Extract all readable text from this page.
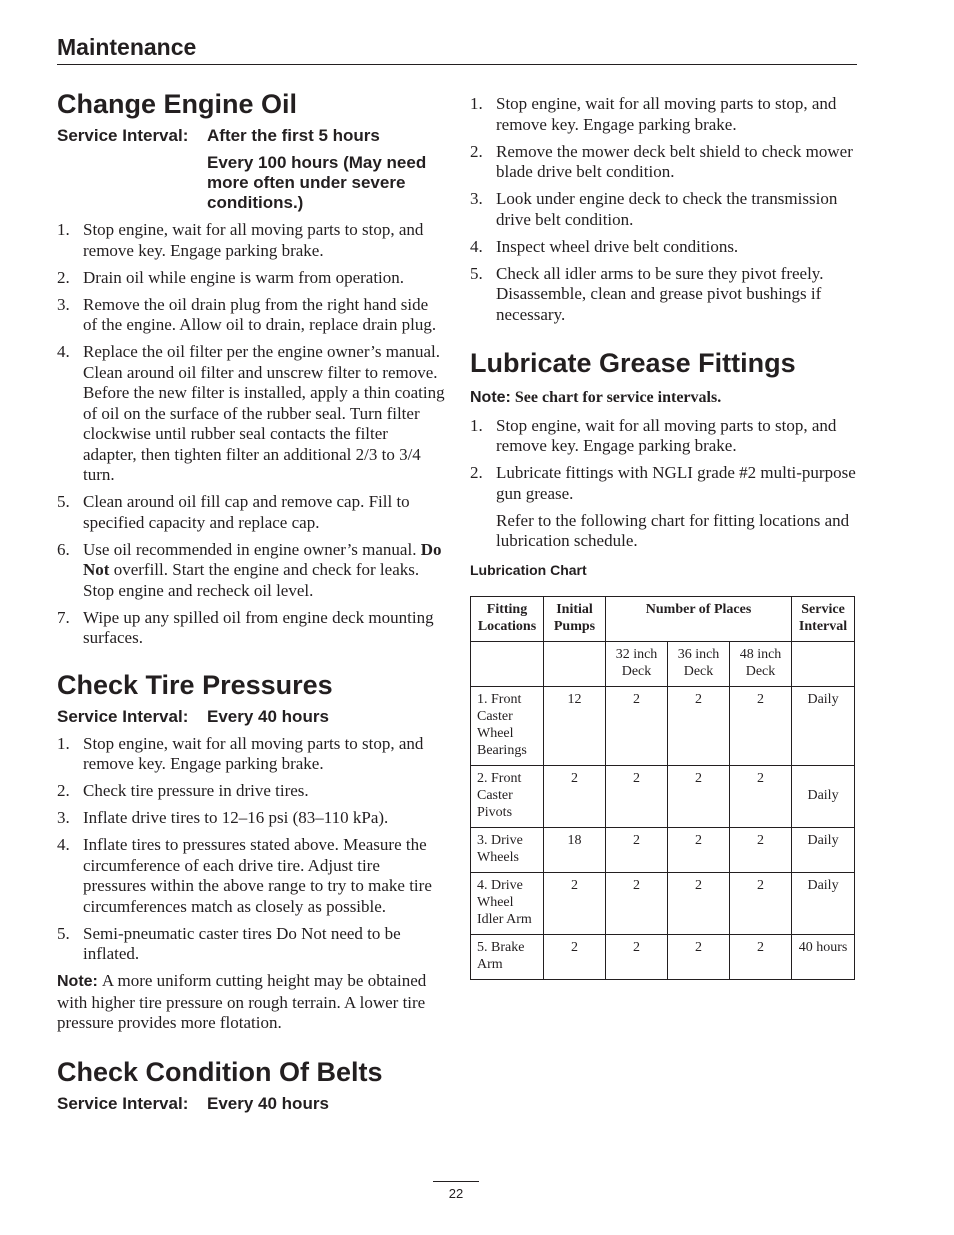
Maintenance
Change Engine Oil
Service Interval:	After the first 5 hours
Every 100 hours (May need more often under severe conditions.)
1. Stop engine, wait for all moving parts to stop, and remove key. Engage parking brake.
2. Drain oil while engine is warm from operation.
3. Remove the oil drain plug from the right hand side of the engine. Allow oil to drain, replace drain plug.
4. Replace the oil filter per the engine owner’s manual. Clean around oil filter and unscrew filter to remove. Before the new filter is installed, apply a thin coating of oil on the surface of the rubber seal. Turn filter clockwise until rubber seal contacts the filter adapter, then tighten filter an additional 2/3 to 3/4 turn.
5. Clean around oil fill cap and remove cap. Fill to specified capacity and replace cap.
6. Use oil recommended in engine owner’s manual. Do Not overfill. Start the engine and check for leaks. Stop engine and recheck oil level.
7. Wipe up any spilled oil from engine deck mounting surfaces.
Check Tire Pressures
Service Interval:	Every 40 hours
1. Stop engine, wait for all moving parts to stop, and remove key. Engage parking brake.
2. Check tire pressure in drive tires.
3. Inflate drive tires to 12–16 psi (83–110 kPa).
4. Inflate tires to pressures stated above. Measure the circumference of each drive tire. Adjust tire pressures within the above range to try to make tire circumferences match as closely as possible.
5. Semi-pneumatic caster tires Do Not need to be inflated.

Note: A more uniform cutting height may be obtained with higher tire pressure on rough terrain. A lower tire pressure provides more flotation.

Check Condition Of Belts
Service Interval:	Every 40 hours
1. Stop engine, wait for all moving parts to stop, and remove key. Engage parking brake.
2. Remove the mower deck belt shield to check mower blade drive belt condition.
3. Look under engine deck to check the transmission drive belt condition.
4. Inspect wheel drive belt conditions.
5. Check all idler arms to be sure they pivot freely. Disassemble, clean and grease pivot bushings if necessary.
Lubricate Grease Fittings

Note: See chart for service intervals.

1. Stop engine, wait for all moving parts to stop, and remove key. Engage parking brake.
2. Lubricate fittings with NGLI grade #2 multi-purpose gun grease.

Refer to the following chart for fitting locations and lubrication schedule.

Lubrication Chart
Fitting Locations	Initial Pumps	Number of Places			Service Interval
		32 inch Deck	36 inch Deck	48 inch Deck	
1. Front Caster Wheel Bearings	12	2	2	2	Daily
2. Front Caster Pivots	2	2	2	2	Daily
3. Drive Wheels	18	2	2	2	Daily
4. Drive Wheel Idler Arm	2	2	2	2	Daily
5. Brake Arm	2	2	2	2	40 hours
22
